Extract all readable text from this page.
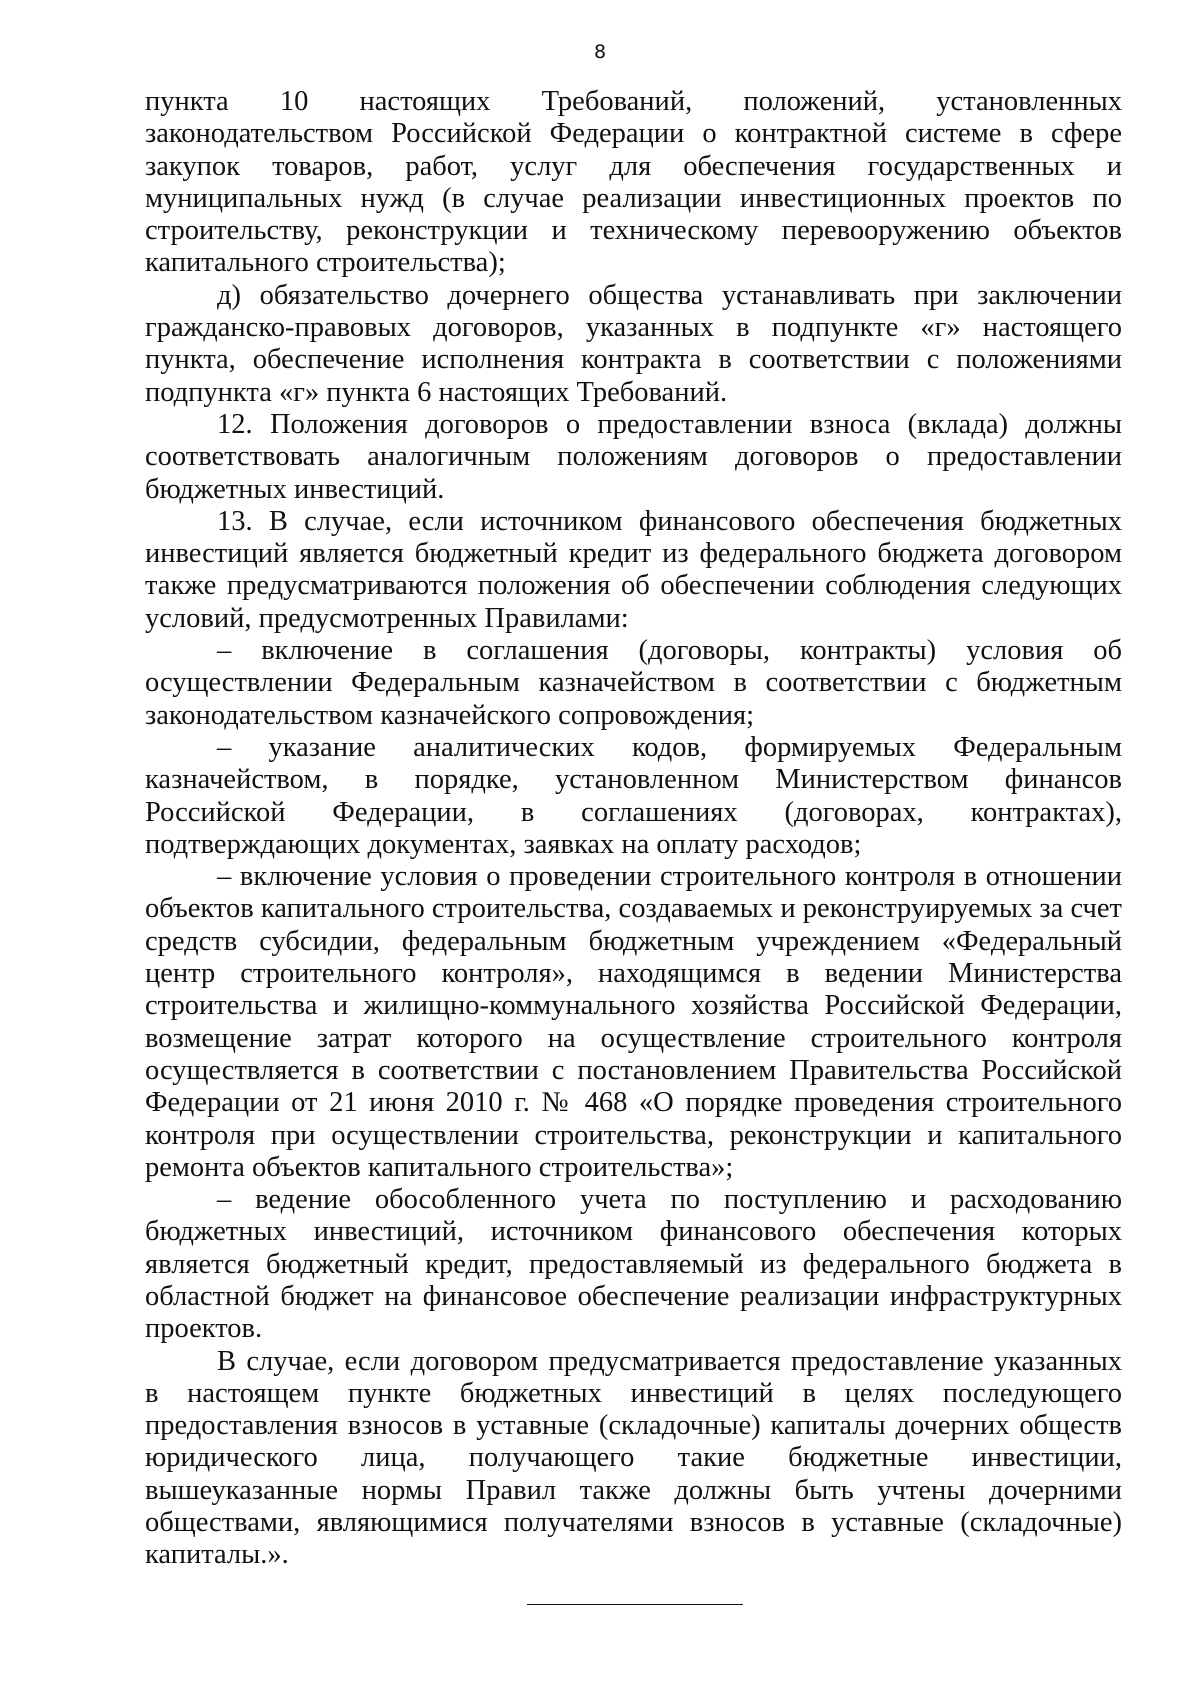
8

пункта 10 настоящих Требований, положений, установленных законодательством Российской Федерации о контрактной системе в сфере закупок товаров, работ, услуг для обеспечения государственных и муниципальных нужд (в случае реализации инвестиционных проектов по строительству, реконструкции и техническому перевооружению объектов капитального строительства);

д) обязательство дочернего общества устанавливать при заключении гражданско-правовых договоров, указанных в подпункте «г» настоящего пункта, обеспечение исполнения контракта в соответствии с положениями подпункта «г» пункта 6 настоящих Требований.

12. Положения договоров о предоставлении взноса (вклада) должны соответствовать аналогичным положениям договоров о предоставлении бюджетных инвестиций.

13. В случае, если источником финансового обеспечения бюджетных инвестиций является бюджетный кредит из федерального бюджета договором также предусматриваются положения об обеспечении соблюдения следующих условий, предусмотренных Правилами:

– включение в соглашения (договоры, контракты) условия об осуществлении Федеральным казначейством в соответствии с бюджетным законодательством казначейского сопровождения;

– указание аналитических кодов, формируемых Федеральным казначейством, в порядке, установленном Министерством финансов Российской Федерации, в соглашениях (договорах, контрактах), подтверждающих документах, заявках на оплату расходов;

– включение условия о проведении строительного контроля в отношении объектов капитального строительства, создаваемых и реконструируемых за счет средств субсидии, федеральным бюджетным учреждением «Федеральный центр строительного контроля», находящимся в ведении Министерства строительства и жилищно-коммунального хозяйства Российской Федерации, возмещение затрат которого на осуществление строительного контроля осуществляется в соответствии с постановлением Правительства Российской Федерации от 21 июня 2010 г. № 468 «О порядке проведения строительного контроля при осуществлении строительства, реконструкции и капитального ремонта объектов капитального строительства»;

– ведение обособленного учета по поступлению и расходованию бюджетных инвестиций, источником финансового обеспечения которых является бюджетный кредит, предоставляемый из федерального бюджета в областной бюджет на финансовое обеспечение реализации инфраструктурных проектов.

В случае, если договором предусматривается предоставление указанных в настоящем пункте бюджетных инвестиций в целях последующего предоставления взносов в уставные (складочные) капиталы дочерних обществ юридического лица, получающего такие бюджетные инвестиции, вышеуказанные нормы Правил также должны быть учтены дочерними обществами, являющимися получателями взносов в уставные (складочные) капиталы.».
